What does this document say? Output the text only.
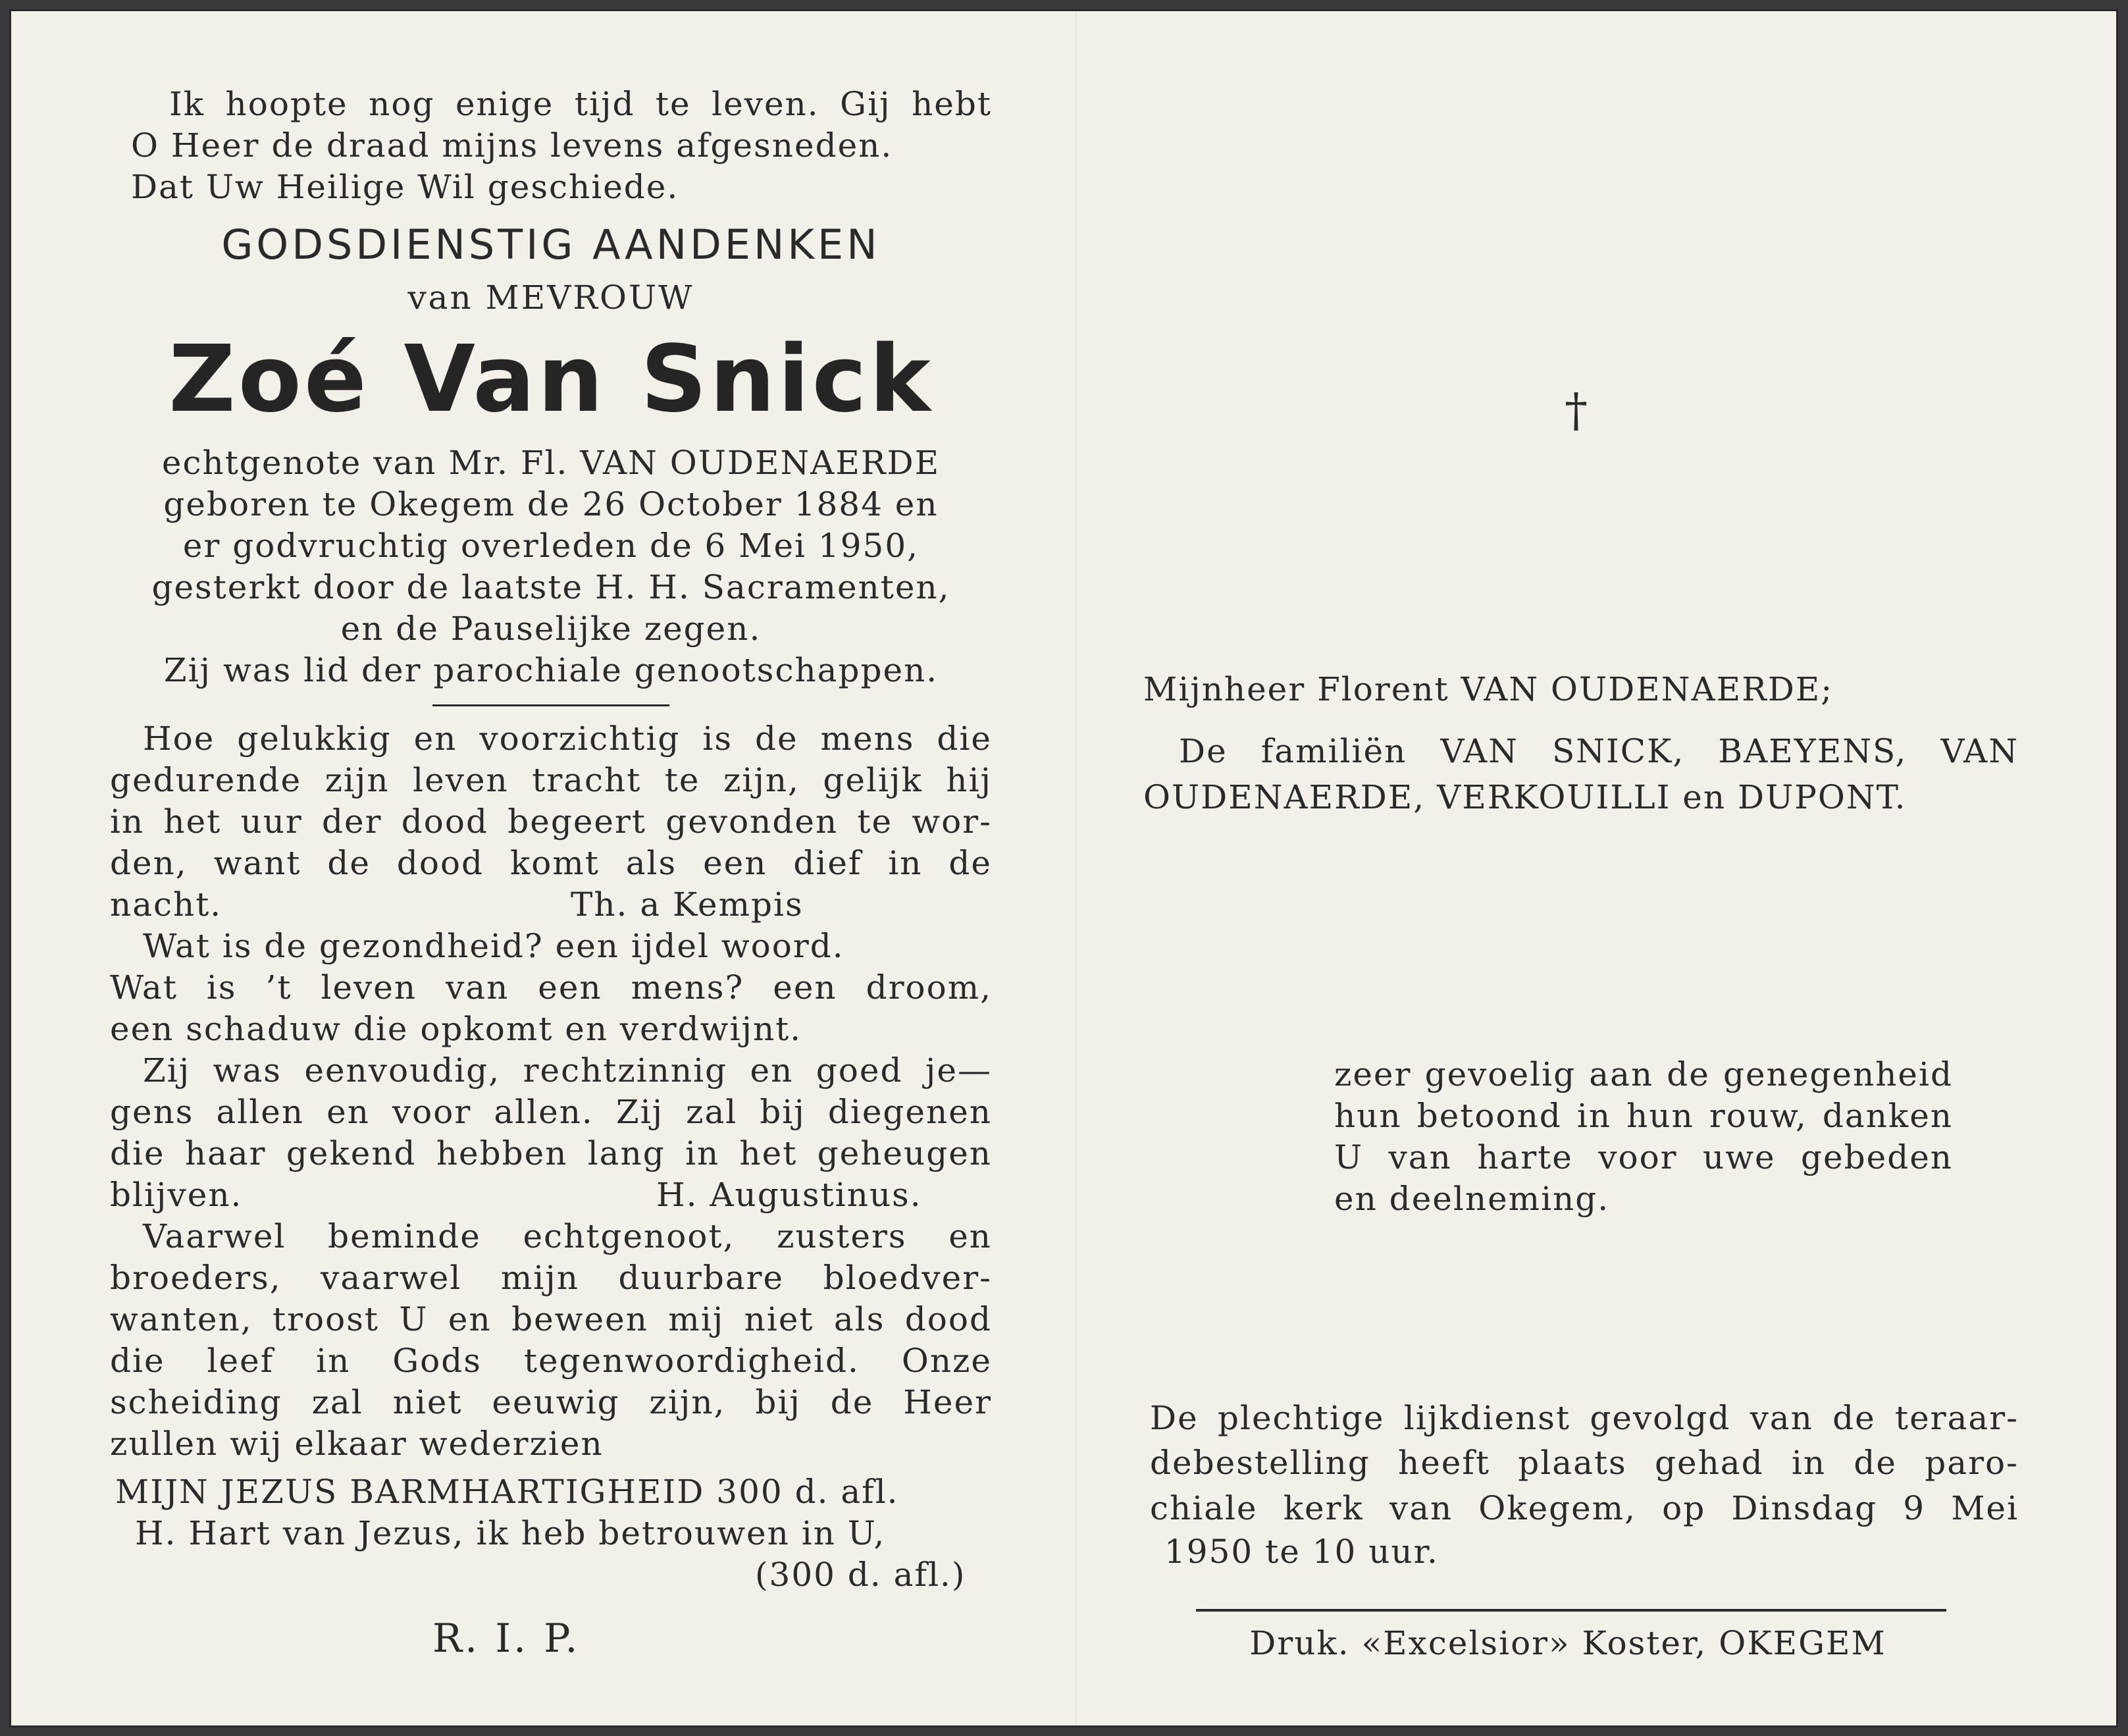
Ik hoopte nog enige tijd te leven. Gij hebt
O Heer de draad mijns levens afgesneden.
Dat Uw Heilige Wil geschiede.
GODSDIENSTIG AANDENKEN
van MEVROUW
Zoé Van Snick
echtgenote van Mr. Fl. VAN OUDENAERDE
geboren te Okegem de 26 October 1884 en
er godvruchtig overleden de 6 Mei 1950,
gesterkt door de laatste H. H. Sacramenten,
en de Pauselijke zegen.
Zij was lid der parochiale genootschappen.
Hoe gelukkig en voorzichtig is de mens die
gedurende zijn leven tracht te zijn, gelijk hij
in het uur der dood begeert gevonden te wor-
den, want de dood komt als een dief in de
nacht.	Th. a Kempis
Wat is de gezondheid? een ijdel woord.
Wat is ’t leven van een mens? een droom,
een schaduw die opkomt en verdwijnt.
Zij was eenvoudig, rechtzinnig en goed je—
gens allen en voor allen. Zij zal bij diegenen
die haar gekend hebben lang in het geheugen
blijven.	H. Augustinus.
Vaarwel beminde echtgenoot, zusters en
broeders, vaarwel mijn duurbare bloedver-
wanten, troost U en beween mij niet als dood
die leef in Gods tegenwoordigheid. Onze
scheiding zal niet eeuwig zijn, bij de Heer
zullen wij elkaar wederzien
MIJN JEZUS BARMHARTIGHEID 300 d. afl.
H. Hart van Jezus, ik heb betrouwen in U,
(300 d. afl.)
R. I. P.
†
Mijnheer Florent VAN OUDENAERDE;
De familiën VAN SNICK, BAEYENS, VAN
OUDENAERDE, VERKOUILLI en DUPONT.
zeer gevoelig aan de genegenheid
hun betoond in hun rouw, danken
U van harte voor uwe gebeden
en deelneming.
De plechtige lijkdienst gevolgd van de teraar-
debestelling heeft plaats gehad in de paro-
chiale kerk van Okegem, op Dinsdag 9 Mei
1950 te 10 uur.
Druk. «Excelsior» Koster, OKEGEM
